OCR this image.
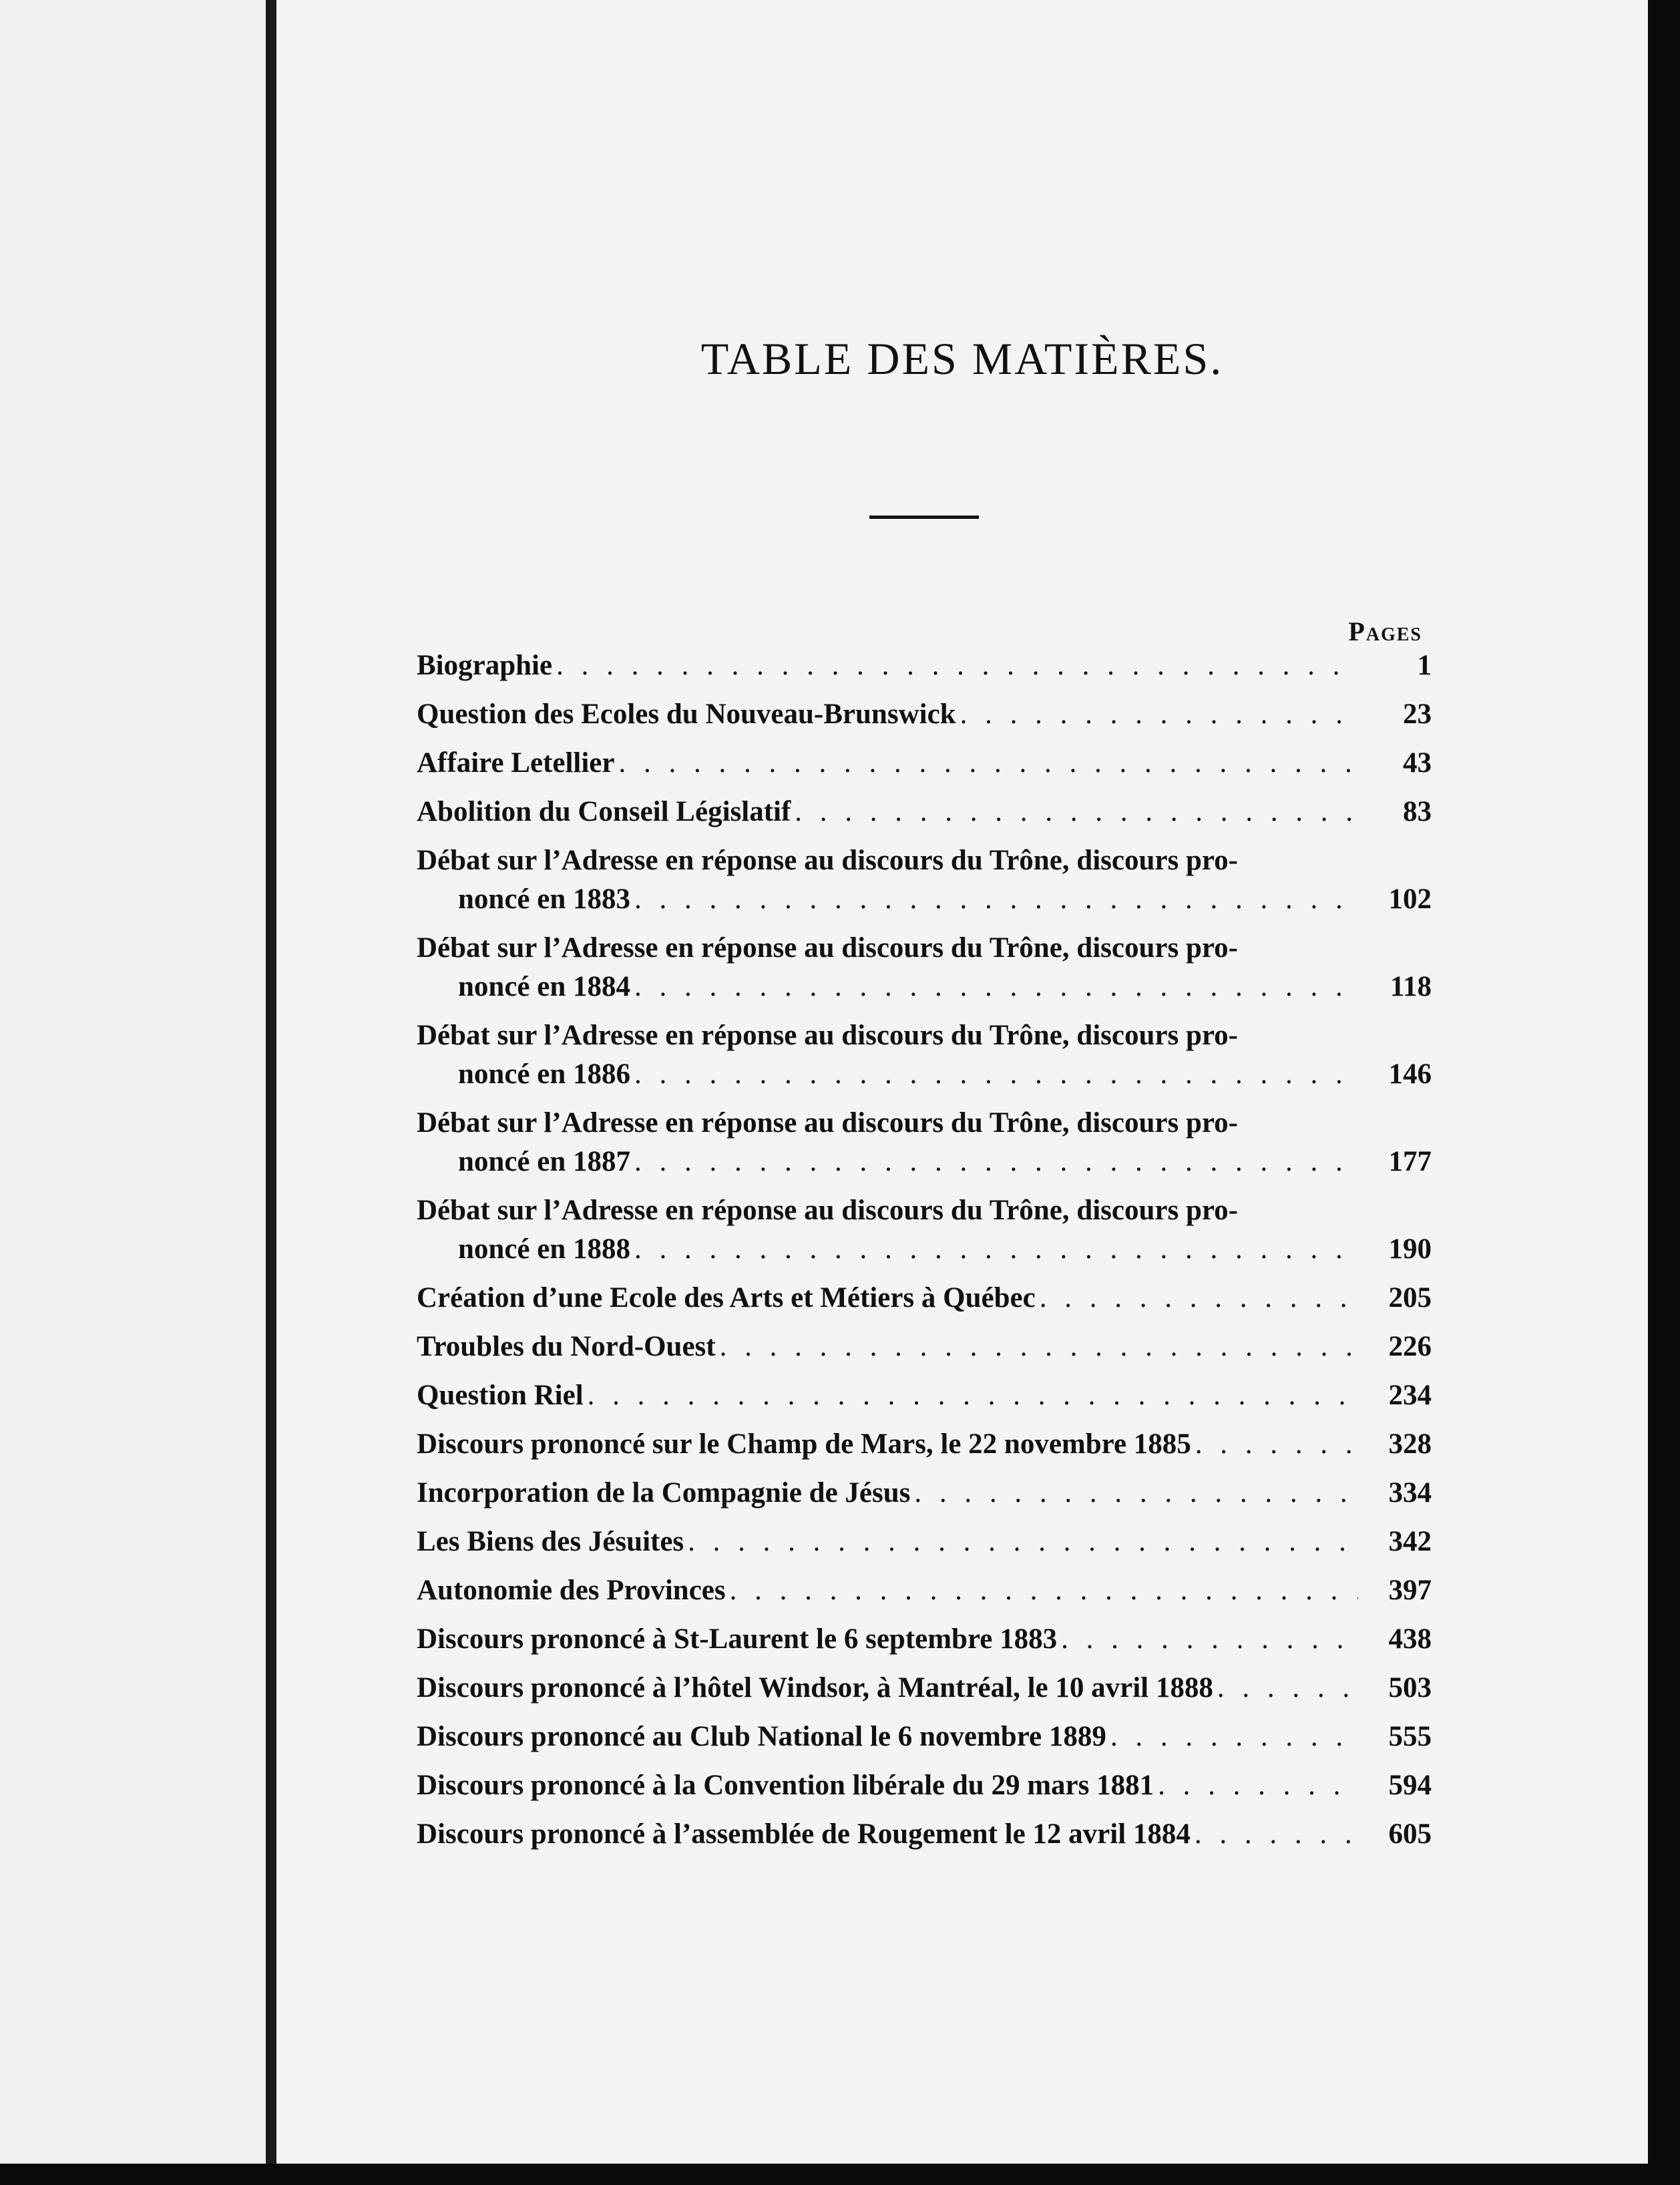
TABLE DES MATIÈRES.
Pages
Biographie . . .	1
Question des Ecoles du Nouveau-Brunswick . . .	23
Affaire Letellier . . .	43
Abolition du Conseil Législatif . . .	83
Débat sur l’Adresse en réponse au discours du Trône, discours pro-
noncé en 1883 . . .	102
Débat sur l’Adresse en réponse au discours du Trône, discours pro-
noncé en 1884 . . .	118
Débat sur l’Adresse en réponse au discours du Trône, discours pro-
noncé en 1886 . . .	146
Débat sur l’Adresse en réponse au discours du Trône, discours pro-
noncé en 1887 . . .	177
Débat sur l’Adresse en réponse au discours du Trône, discours pro-
noncé en 1888 . . .	190
Création d’une Ecole des Arts et Métiers à Québec . . .	205
Troubles du Nord-Ouest . . .	226
Question Riel . . .	234
Discours prononcé sur le Champ de Mars, le 22 novembre 1885 . . .	328
Incorporation de la Compagnie de Jésus . . .	334
Les Biens des Jésuites . . .	342
Autonomie des Provinces . . .	397
Discours prononcé à St-Laurent le 6 septembre 1883 . . .	438
Discours prononcé à l’hôtel Windsor, à Mantréal, le 10 avril 1888 . . .	503
Discours prononcé au Club National le 6 novembre 1889 . . .	555
Discours prononcé à la Convention libérale du 29 mars 1881 . . .	594
Discours prononcé à l’assemblée de Rougement le 12 avril 1884 . . .	605
